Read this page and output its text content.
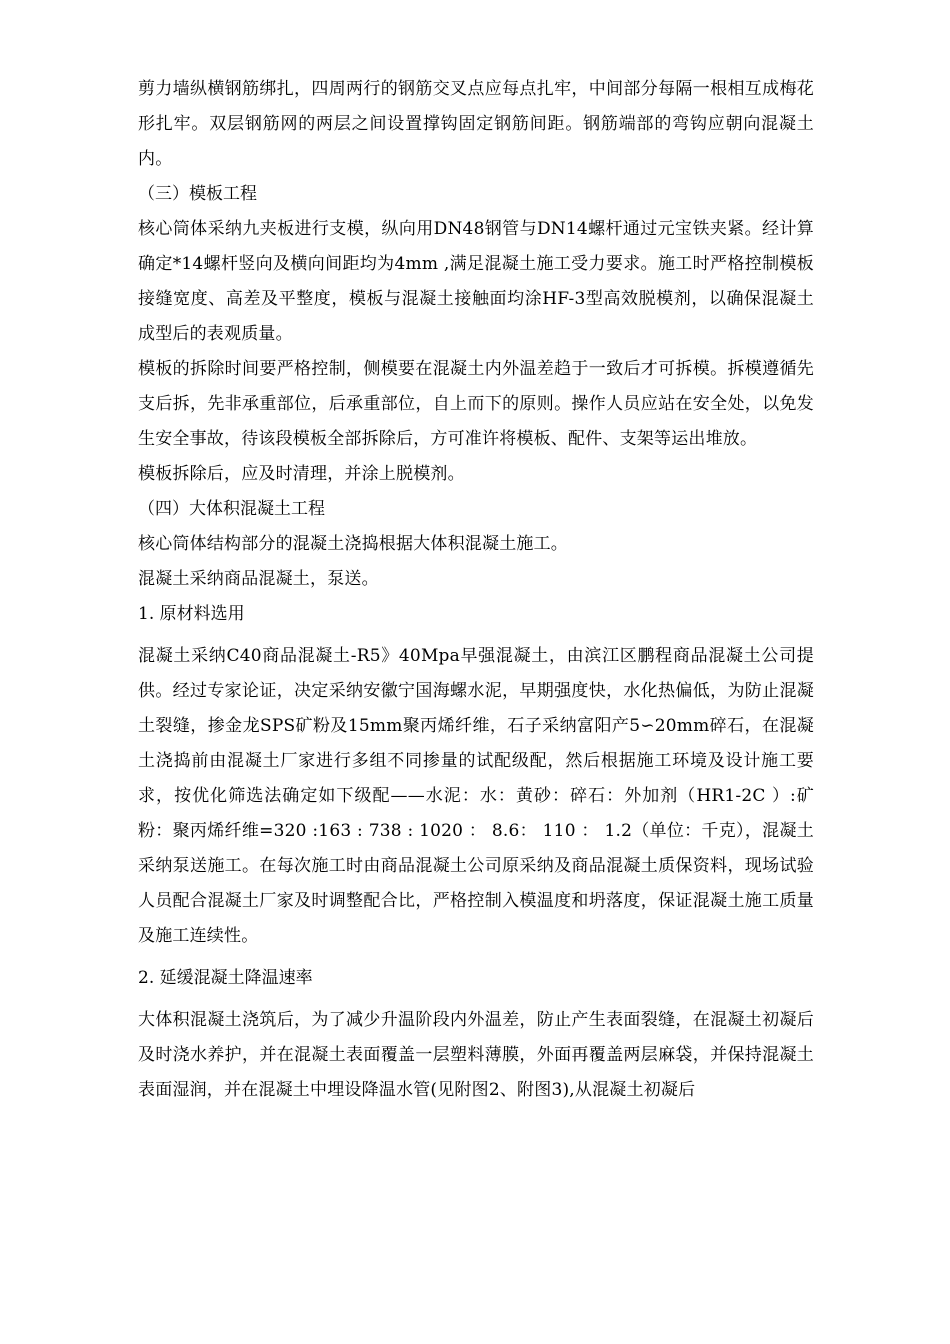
剪力墙纵横钢筋绑扎，四周两行的钢筋交叉点应每点扎牢，中间部分每隔一根相互成梅花形扎牢。双层钢筋网的两层之间设置撑钩固定钢筋间距。钢筋端部的弯钩应朝向混凝土内。

（三）模板工程

核心筒体采纳九夹板进行支模，纵向用DN48钢管与DN14螺杆通过元宝铁夹紧。经计算确定*14螺杆竖向及横向间距均为4mm ,满足混凝土施工受力要求。施工时严格控制模板接缝宽度、高差及平整度，模板与混凝土接触面均涂HF-3型高效脱模剂，以确保混凝土成型后的表观质量。

模板的拆除时间要严格控制，侧模要在混凝土内外温差趋于一致后才可拆模。拆模遵循先支后拆，先非承重部位，后承重部位，自上而下的原则。操作人员应站在安全处，以免发生安全事故，待该段模板全部拆除后，方可准许将模板、配件、支架等运出堆放。

模板拆除后，应及时清理，并涂上脱模剂。

（四）大体积混凝土工程

核心筒体结构部分的混凝土浇捣根据大体积混凝土施工。

混凝土采纳商品混凝土，泵送。

1. 原材料选用

混凝土采纳C40商品混凝土-R5》40Mpa早强混凝土，由滨江区鹏程商品混凝土公司提供。经过专家论证，决定采纳安徽宁国海螺水泥，早期强度快，水化热偏低，为防止混凝土裂缝，掺金龙SPS矿粉及15mm聚丙烯纤维，石子采纳富阳产5∽20mm碎石，在混凝土浇捣前由混凝土厂家进行多组不同掺量的试配级配，然后根据施工环境及设计施工要求，按优化筛选法确定如下级配——水泥：水：黄砂：碎石：外加剂（HR1-2C ）:矿粉：聚丙烯纤维=320 :163 : 738 : 1020 ： 8.6： 110 ： 1.2（单位：千克），混凝土采纳泵送施工。在每次施工时由商品混凝土公司原采纳及商品混凝土质保资料，现场试验人员配合混凝土厂家及时调整配合比，严格控制入模温度和坍落度，保证混凝土施工质量及施工连续性。

2. 延缓混凝土降温速率

大体积混凝土浇筑后，为了减少升温阶段内外温差，防止产生表面裂缝，在混凝土初凝后及时浇水养护，并在混凝土表面覆盖一层塑料薄膜，外面再覆盖两层麻袋，并保持混凝土表面湿润，并在混凝土中埋设降温水管(见附图2、附图3),从混凝土初凝后
